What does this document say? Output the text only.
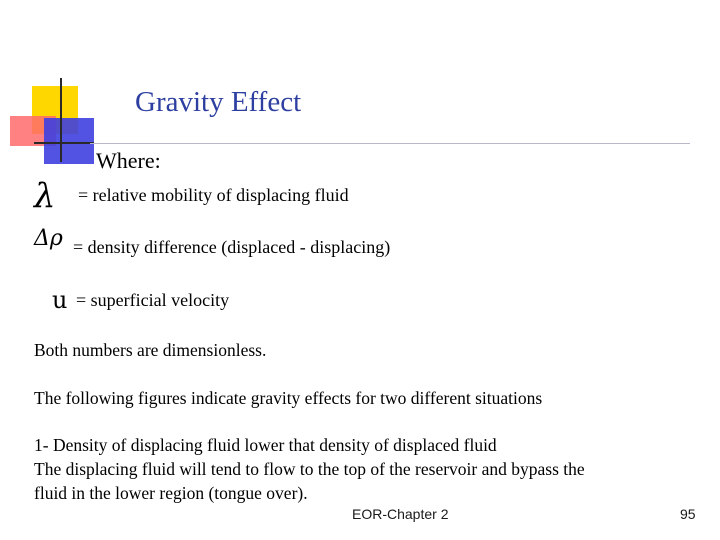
Gravity Effect
Where:
λ = relative mobility of displacing fluid
Δρ = density difference (displaced - displacing)
u = superficial velocity
Both numbers are dimensionless.
The following figures indicate gravity effects for two different situations
1- Density of displacing fluid lower that density of displaced fluid
The displacing fluid will tend to flow to the top of the reservoir and bypass the
fluid in the lower region (tongue over).
EOR-Chapter 2	95
